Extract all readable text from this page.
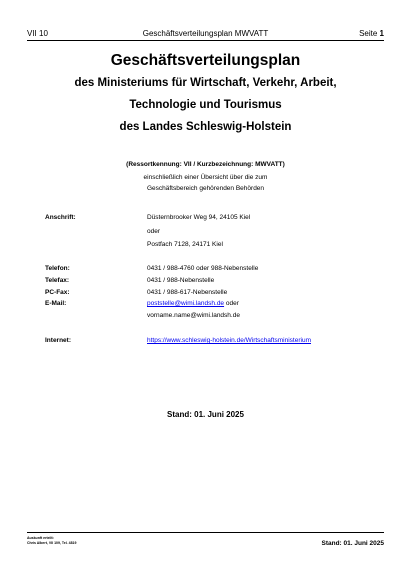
VII 10	Geschäftsverteilungsplan MWVATT	Seite 1
Geschäftsverteilungsplan
des Ministeriums für Wirtschaft, Verkehr, Arbeit,
Technologie und Tourismus
des Landes Schleswig-Holstein
(Ressortkennung: VII / Kurzbezeichnung: MWVATT)
einschließlich einer Übersicht über die zum
Geschäftsbereich gehörenden Behörden
Anschrift:	Düsternbrooker Weg 94, 24105 Kiel
oder
Postfach 7128, 24171 Kiel
Telefon:	0431 / 988-4760 oder 988-Nebenstelle
Telefax:	0431 / 988-Nebenstelle
PC-Fax:	0431 / 988-617-Nebenstelle
E-Mail:	poststelle@wimi.landsh.de oder
vorname.name@wimi.landsh.de
Internet:	https://www.schleswig-holstein.de/Wirtschaftsministerium
Stand: 01. Juni 2025
Auskunft erteilt:
Chris Albert, VII 109, Tel. 4819	Stand: 01. Juni 2025
